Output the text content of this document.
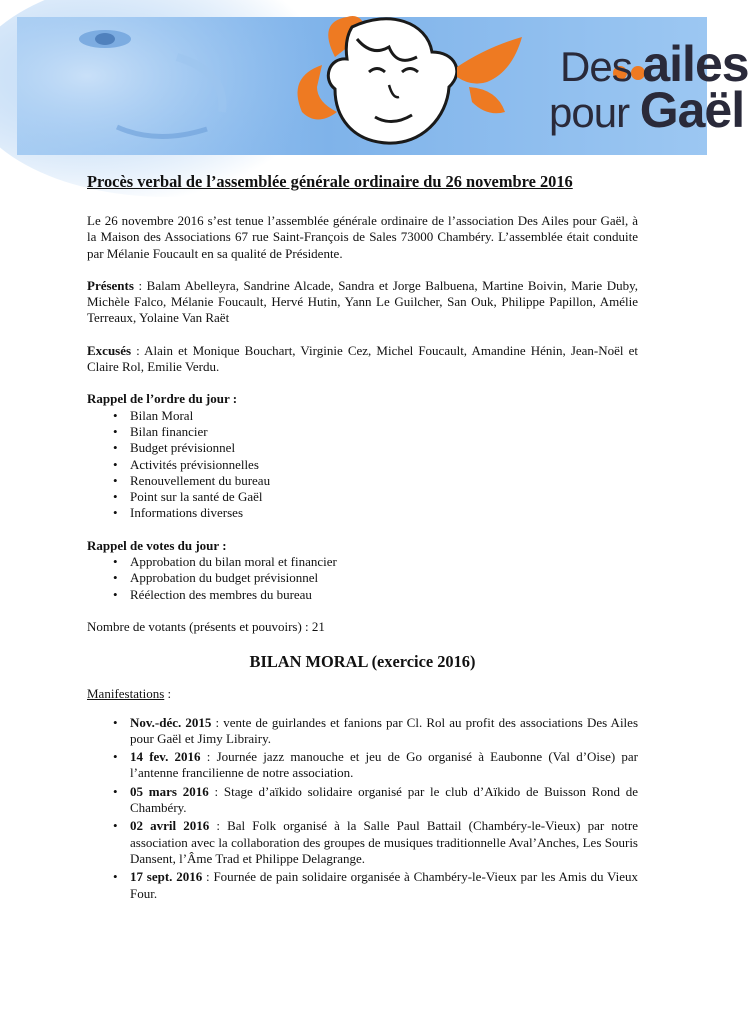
Des ailes
pour Gaël
Procès verbal de l’assemblée générale ordinaire du 26 novembre 2016

Le 26 novembre 2016 s’est tenue l’assemblée générale ordinaire de l’association Des Ailes pour Gaël, à la Maison des Associations 67 rue Saint-François de Sales 73000 Chambéry. L’assemblée était conduite par Mélanie Foucault en sa qualité de Présidente.

Présents : Balam Abelleyra, Sandrine Alcade, Sandra et Jorge Balbuena, Martine Boivin, Marie Duby, Michèle Falco, Mélanie Foucault, Hervé Hutin, Yann Le Guilcher, San Ouk, Philippe Papillon, Amélie Terreaux, Yolaine Van Raët

Excusés : Alain et Monique Bouchart, Virginie Cez, Michel Foucault, Amandine Hénin, Jean-Noël et Claire Rol, Emilie Verdu.

Rappel de l’ordre du jour :
• Bilan Moral
• Bilan financier
• Budget prévisionnel
• Activités prévisionnelles
• Renouvellement du bureau
• Point sur la santé de Gaël
• Informations diverses
Rappel de votes du jour :
• Approbation du bilan moral et financier
• Approbation du budget prévisionnel
• Réélection des membres du bureau

Nombre de votants (présents et pouvoirs) : 21

BILAN MORAL (exercice 2016)
Manifestations :
• Nov.-déc. 2015 : vente de guirlandes et fanions par Cl. Rol au profit des associations Des Ailes pour Gaël et Jimy Librairy.
• 14 fev. 2016 : Journée jazz manouche et jeu de Go organisé à Eaubonne (Val d’Oise) par l’antenne francilienne de notre association.
• 05 mars 2016 : Stage d’aïkido solidaire organisé par le club d’Aïkido de Buisson Rond de Chambéry.
• 02 avril 2016 : Bal Folk organisé à la Salle Paul Battail (Chambéry-le-Vieux) par notre association avec la collaboration des groupes de musiques traditionnelle Aval’Anches, Les Souris Dansent, l’Âme Trad et Philippe Delagrange.
• 17 sept. 2016 : Fournée de pain solidaire organisée à Chambéry-le-Vieux par les Amis du Vieux Four.
